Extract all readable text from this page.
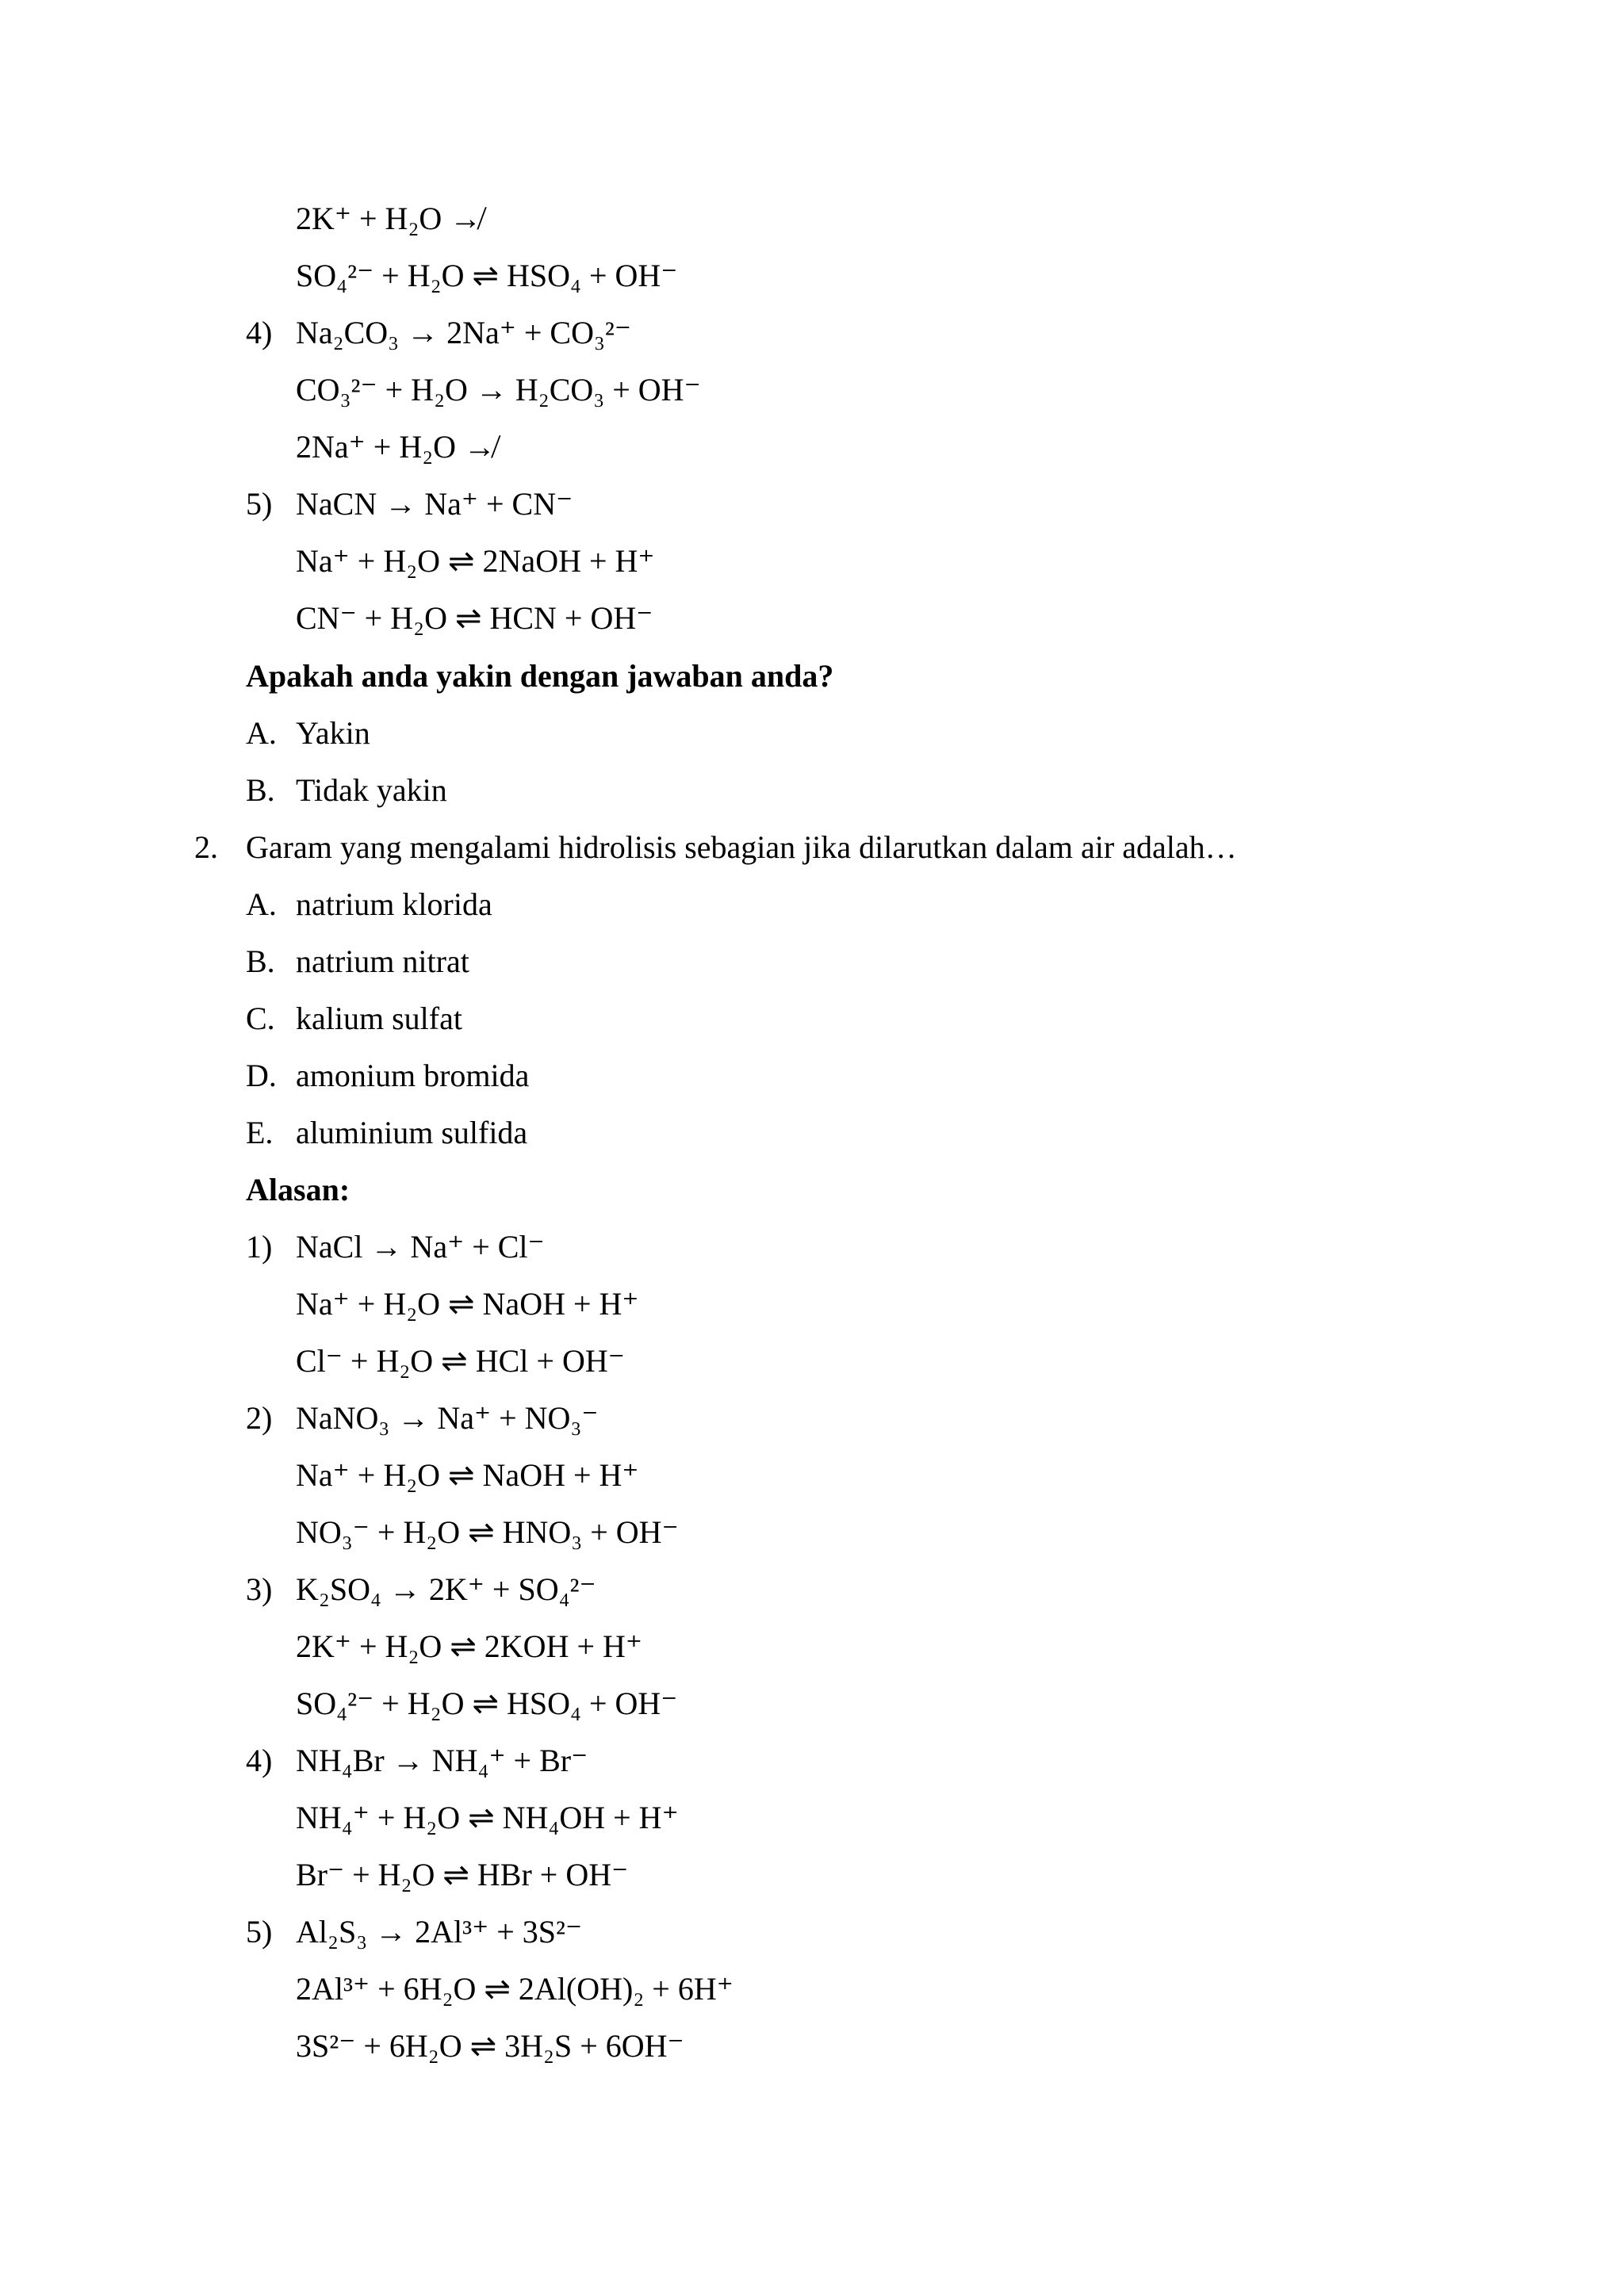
2K⁺ + H₂O ↛
SO₄²⁻ + H₂O ⇌ HSO₄ + OH⁻
4) Na₂CO₃ → 2Na⁺ + CO₃²⁻
CO₃²⁻ + H₂O → H₂CO₃ + OH⁻
2Na⁺ + H₂O ↛
5) NaCN → Na⁺ + CN⁻
Na⁺ + H₂O ⇌ 2NaOH + H⁺
CN⁻ + H₂O ⇌ HCN + OH⁻
Apakah anda yakin dengan jawaban anda?
A. Yakin
B. Tidak yakin
2. Garam yang mengalami hidrolisis sebagian jika dilarutkan dalam air adalah…
A. natrium klorida
B. natrium nitrat
C. kalium sulfat
D. amonium bromida
E. aluminium sulfida
Alasan:
1) NaCl → Na⁺ + Cl⁻
Na⁺ + H₂O ⇌ NaOH + H⁺
Cl⁻ + H₂O ⇌ HCl + OH⁻
2) NaNO₃ → Na⁺ + NO₃⁻
Na⁺ + H₂O ⇌ NaOH + H⁺
NO₃⁻ + H₂O ⇌ HNO₃ + OH⁻
3) K₂SO₄ → 2K⁺ + SO₄²⁻
2K⁺ + H₂O ⇌ 2KOH + H⁺
SO₄²⁻ + H₂O ⇌ HSO₄ + OH⁻
4) NH₄Br → NH₄⁺ + Br⁻
NH₄⁺ + H₂O ⇌ NH₄OH + H⁺
Br⁻ + H₂O ⇌ HBr + OH⁻
5) Al₂S₃ → 2Al³⁺ + 3S²⁻
2Al³⁺ + 6H₂O ⇌ 2Al(OH)₂ + 6H⁺
3S²⁻ + 6H₂O ⇌ 3H₂S + 6OH⁻
